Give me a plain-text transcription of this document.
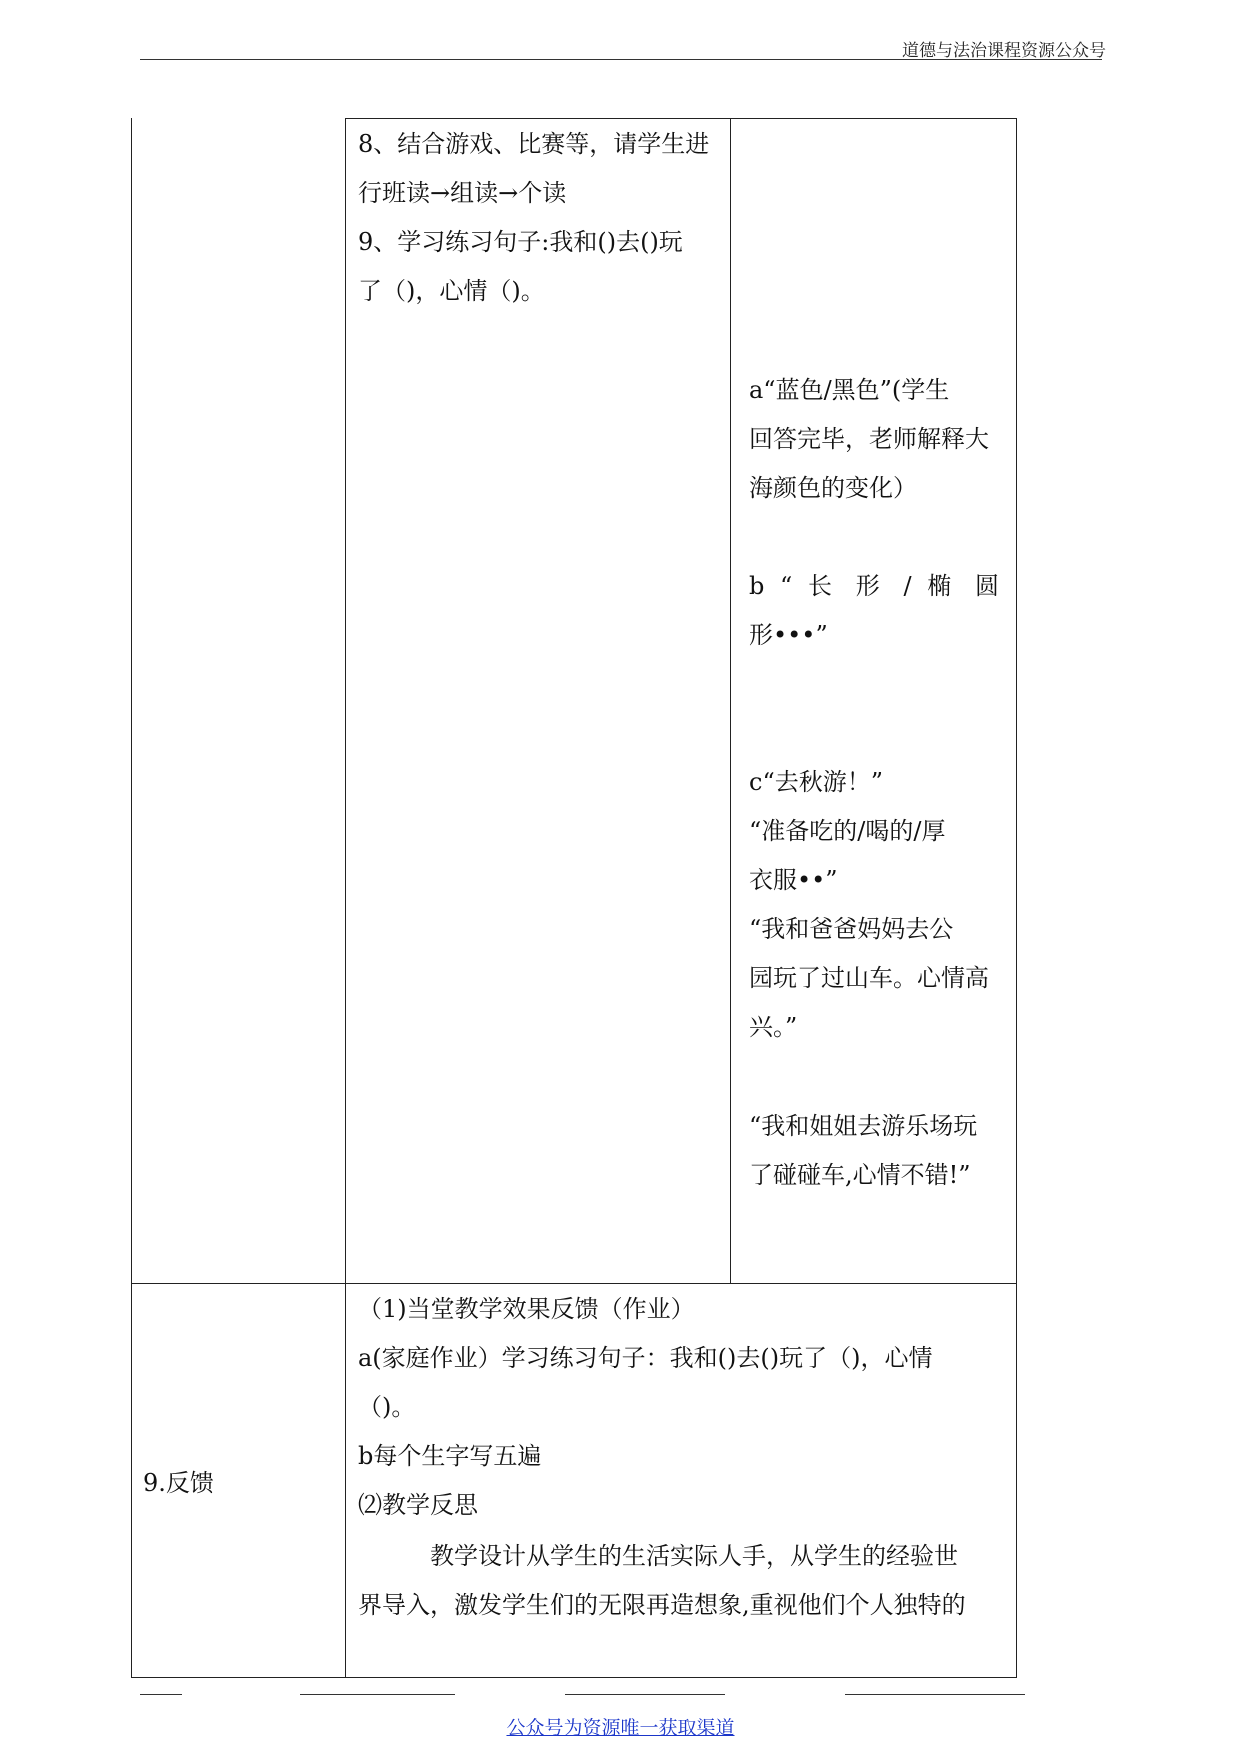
道德与法治课程资源公众号
8、结合游戏、比赛等，请学生进
行班读→组读→个读
9、学习练习句子:我和()去()玩
了（)，心情（)。
a“蓝色/黑色”(学生
回答完毕，老师解释大
海颜色的变化）
b “ 长 形 / 椭 圆
形•••”
c“去秋游！”
“准备吃的/喝的/厚
衣服••”
“我和爸爸妈妈去公
园玩了过山车。心情高
兴。”
“我和姐姐去游乐场玩
了碰碰车,心情不错!”
9.反馈
（1)当堂教学效果反馈（作业）
a(家庭作业）学习练习句子：我和()去()玩了（)，心情
（)。
b每个生字写五遍
⑵教学反思
　　　教学设计从学生的生活实际人手，从学生的经验世
界导入，激发学生们的无限再造想象,重视他们个人独特的
公众号为资源唯一获取渠道
